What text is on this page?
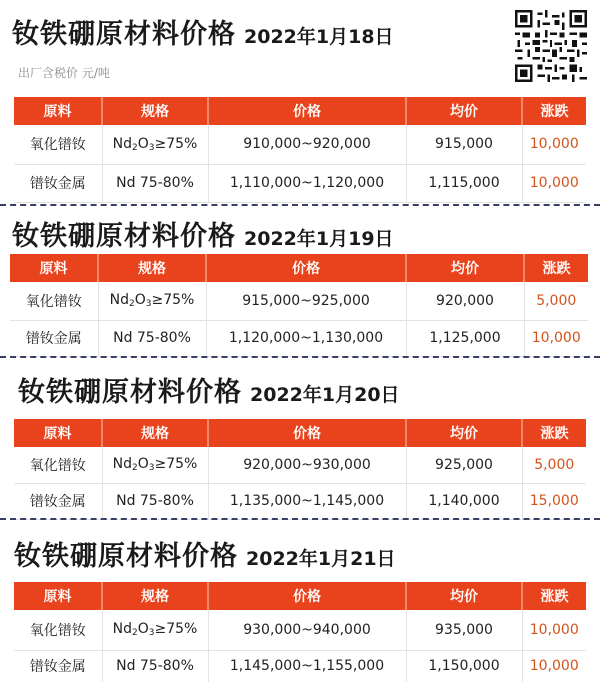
钕铁硼原材料价格 2022年1月18日
出厂含税价 元/吨
原料	规格	价格	均价	涨跌
氧化镨钕	$Nd_2O_3\ge 75\%$	910,000~920,000	915,000	10,000
镨钕金属	Nd 75-80%	1,110,000~1,120,000	1,115,000	10,000
钕铁硼原材料价格 2022年1月19日
原料	规格	价格	均价	涨跌
氧化镨钕	$Nd_2O_3\ge 75\%$	915,000~925,000	920,000	5,000
镨钕金属	Nd 75-80%	1,120,000~1,130,000	1,125,000	10,000
钕铁硼原材料价格 2022年1月20日
原料	规格	价格	均价	涨跌
氧化镨钕	$Nd_2O_3\ge 75\%$	920,000~930,000	925,000	5,000
镨钕金属	Nd 75-80%	1,135,000~1,145,000	1,140,000	15,000
钕铁硼原材料价格 2022年1月21日
原料	规格	价格	均价	涨跌
氧化镨钕	$Nd_2O_3\ge 75\%$	930,000~940,000	935,000	10,000
镨钕金属	Nd 75-80%	1,145,000~1,155,000	1,150,000	10,000
